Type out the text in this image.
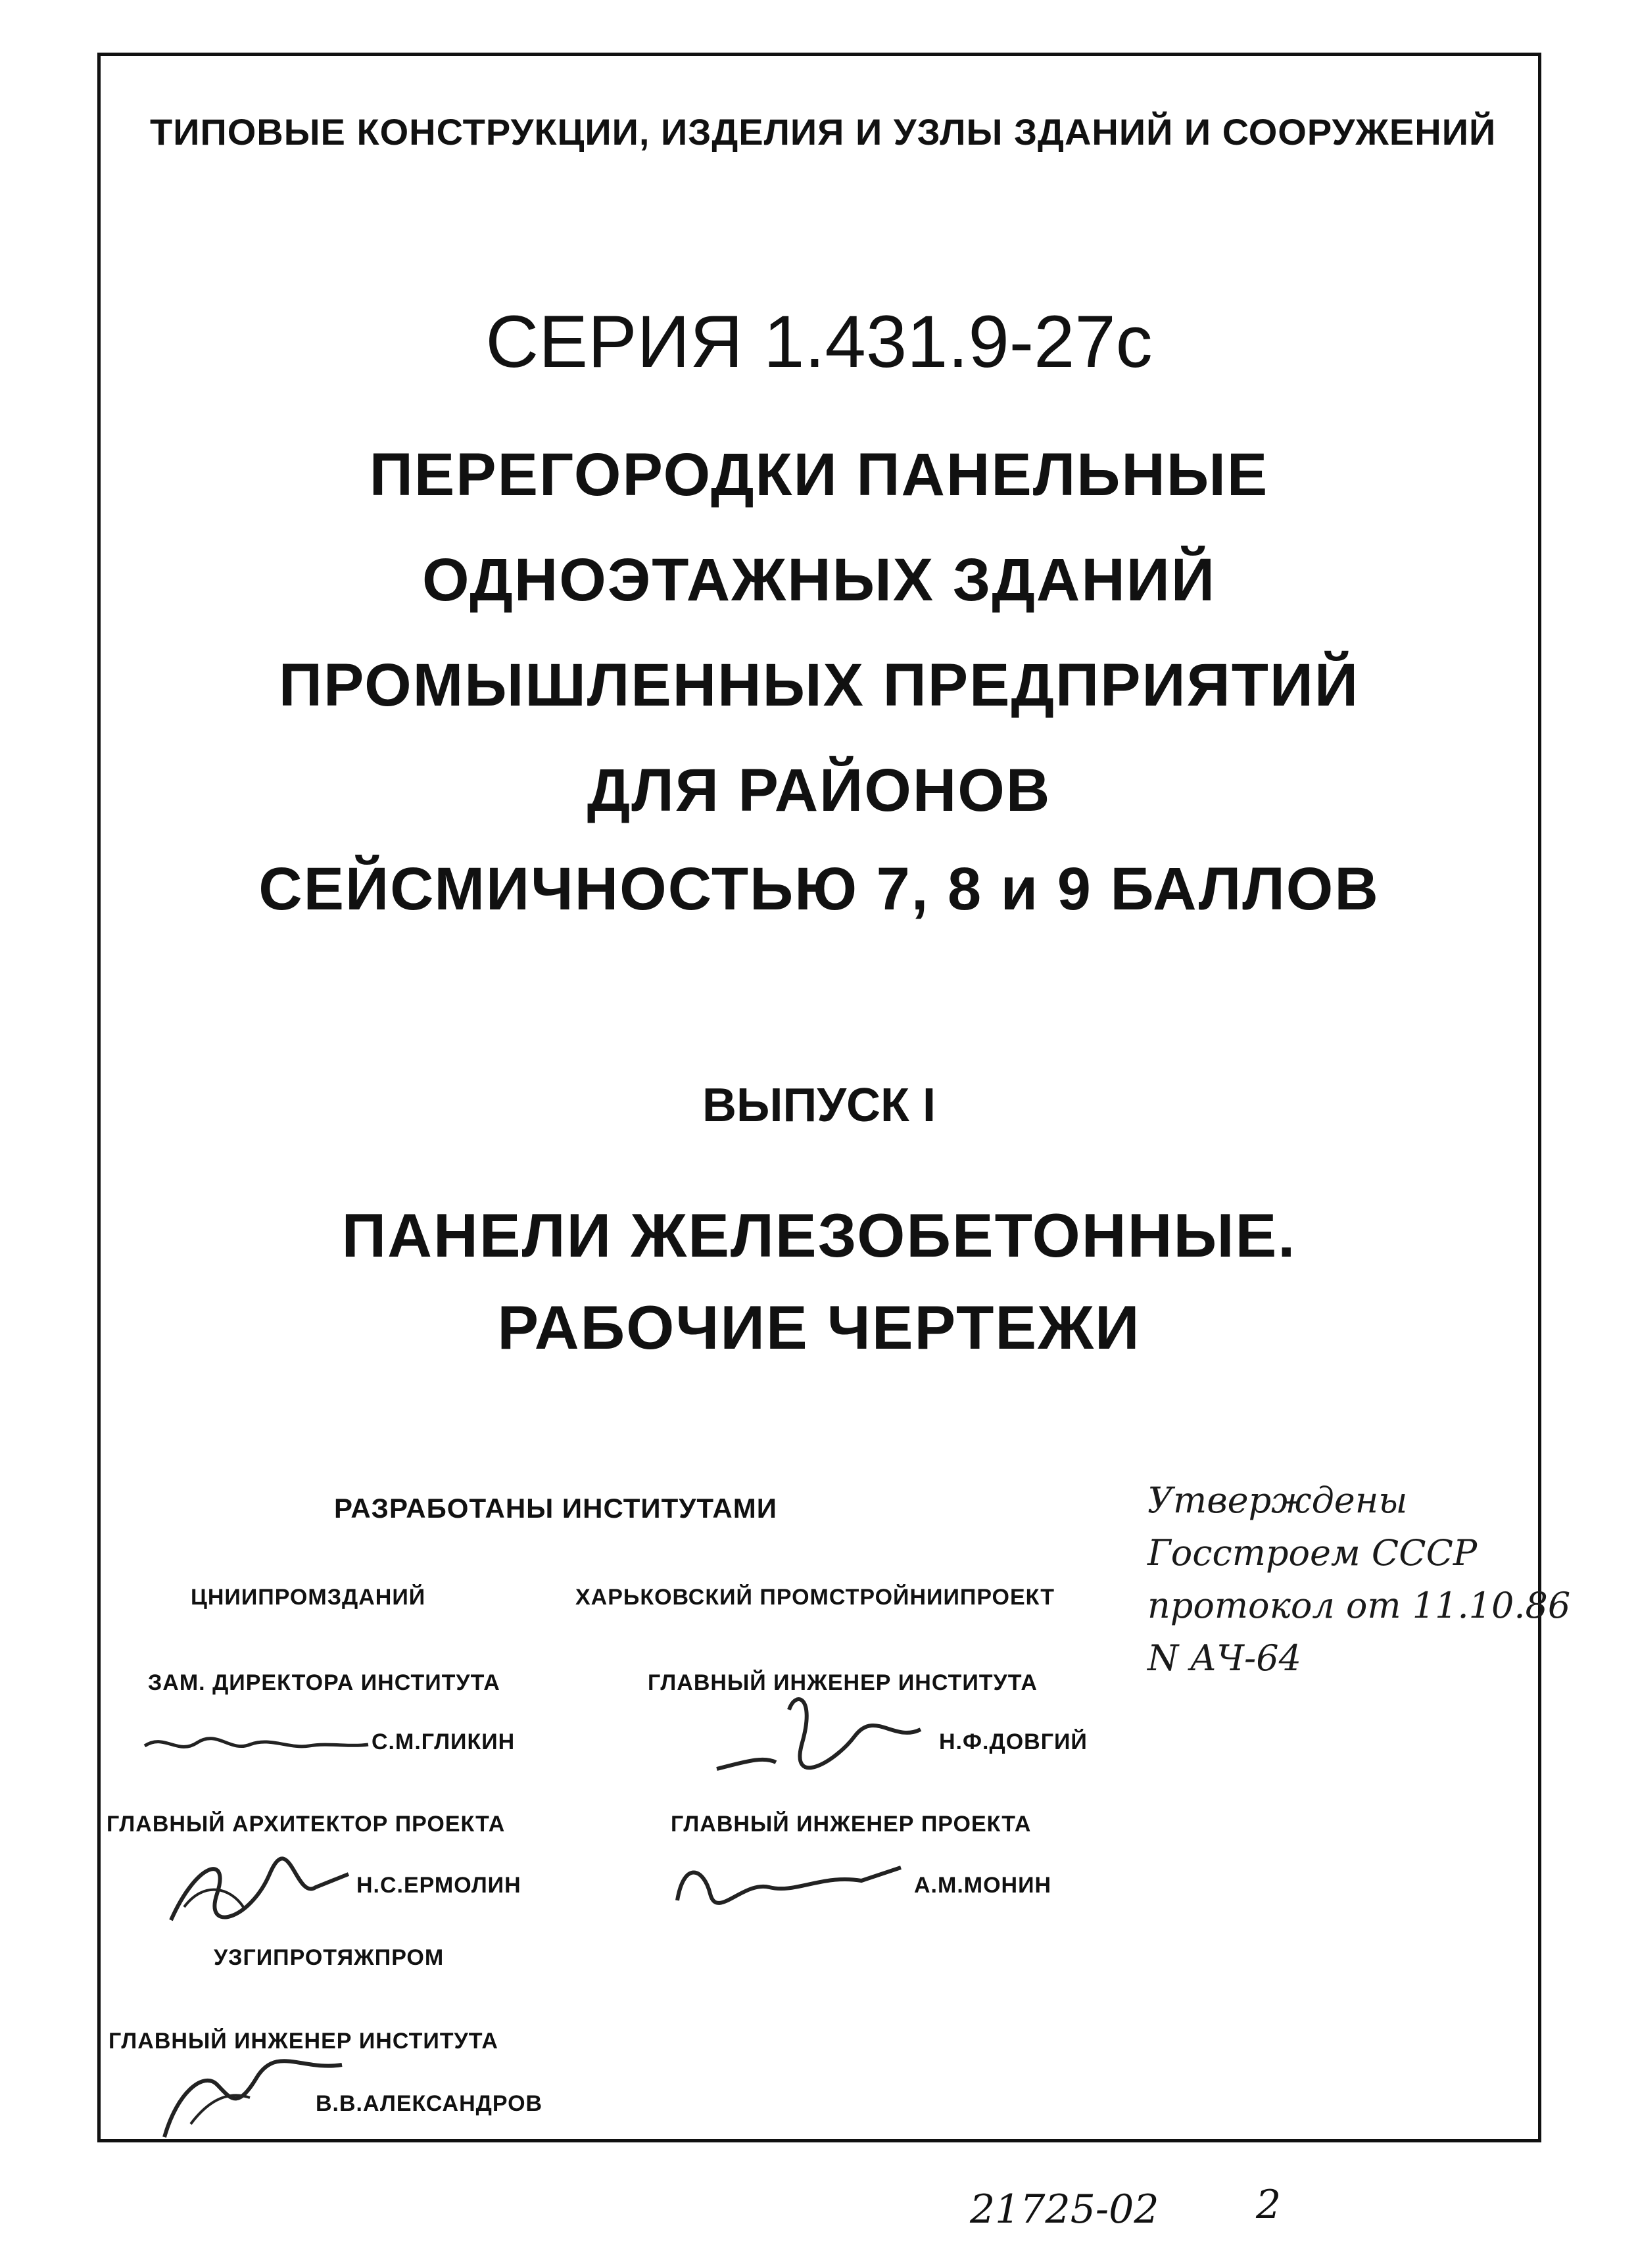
ТИПОВЫЕ КОНСТРУКЦИИ, ИЗДЕЛИЯ И УЗЛЫ ЗДАНИЙ И СООРУЖЕНИЙ
СЕРИЯ 1.431.9-27с
ПЕРЕГОРОДКИ ПАНЕЛЬНЫЕ
ОДНОЭТАЖНЫХ ЗДАНИЙ
ПРОМЫШЛЕННЫХ ПРЕДПРИЯТИЙ
ДЛЯ РАЙОНОВ
СЕЙСМИЧНОСТЬЮ 7, 8 и 9 БАЛЛОВ
ВЫПУСК I
ПАНЕЛИ ЖЕЛЕЗОБЕТОННЫЕ.
РАБОЧИЕ ЧЕРТЕЖИ
РАЗРАБОТАНЫ ИНСТИТУТАМИ
ЦНИИПРОМЗДАНИЙ	ХАРЬКОВСКИЙ ПРОМСТРОЙНИИПРОЕКТ
ЗАМ. ДИРЕКТОРА ИНСТИТУТА
С.М.ГЛИКИН
ГЛАВНЫЙ АРХИТЕКТОР ПРОЕКТА
Н.С.ЕРМОЛИН
ГЛАВНЫЙ ИНЖЕНЕР ИНСТИТУТА
Н.Ф.ДОВГИЙ
ГЛАВНЫЙ ИНЖЕНЕР ПРОЕКТА
А.М.МОНИН
УЗГИПРОТЯЖПРОМ
ГЛАВНЫЙ ИНЖЕНЕР ИНСТИТУТА
В.В.АЛЕКСАНДРОВ
Утверждены
Госстроем СССР
протокол от 11.10.86
N АЧ-64
21725-02 2
